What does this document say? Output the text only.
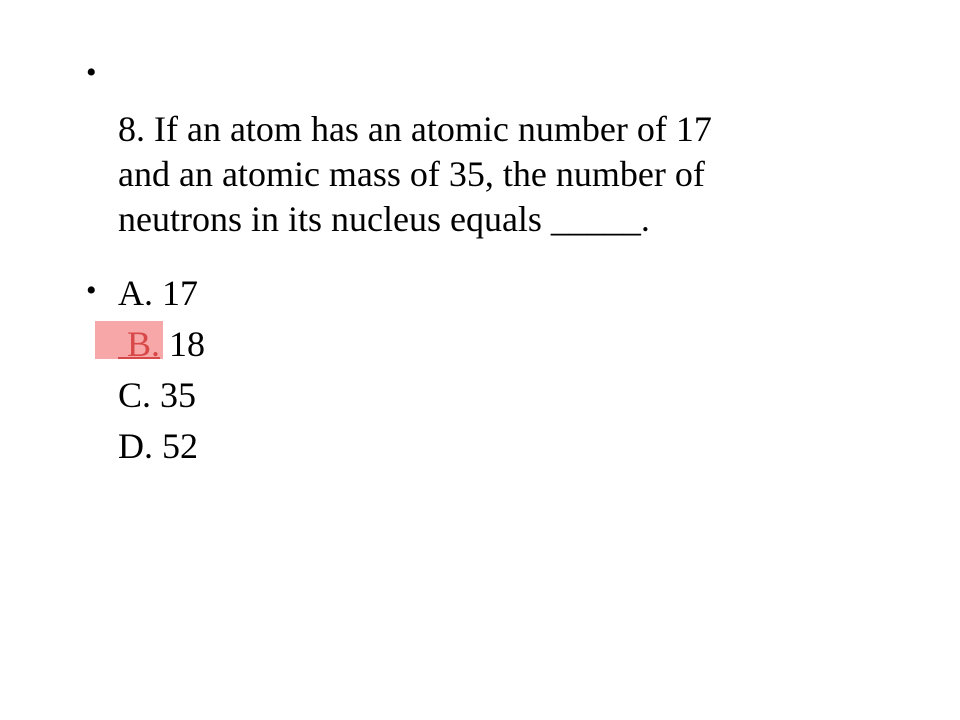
•
8. If an atom has an atomic number of 17
and an atomic mass of 35, the number of
neutrons in its nucleus equals _____.
• A. 17
B. 18
C. 35
D. 52
